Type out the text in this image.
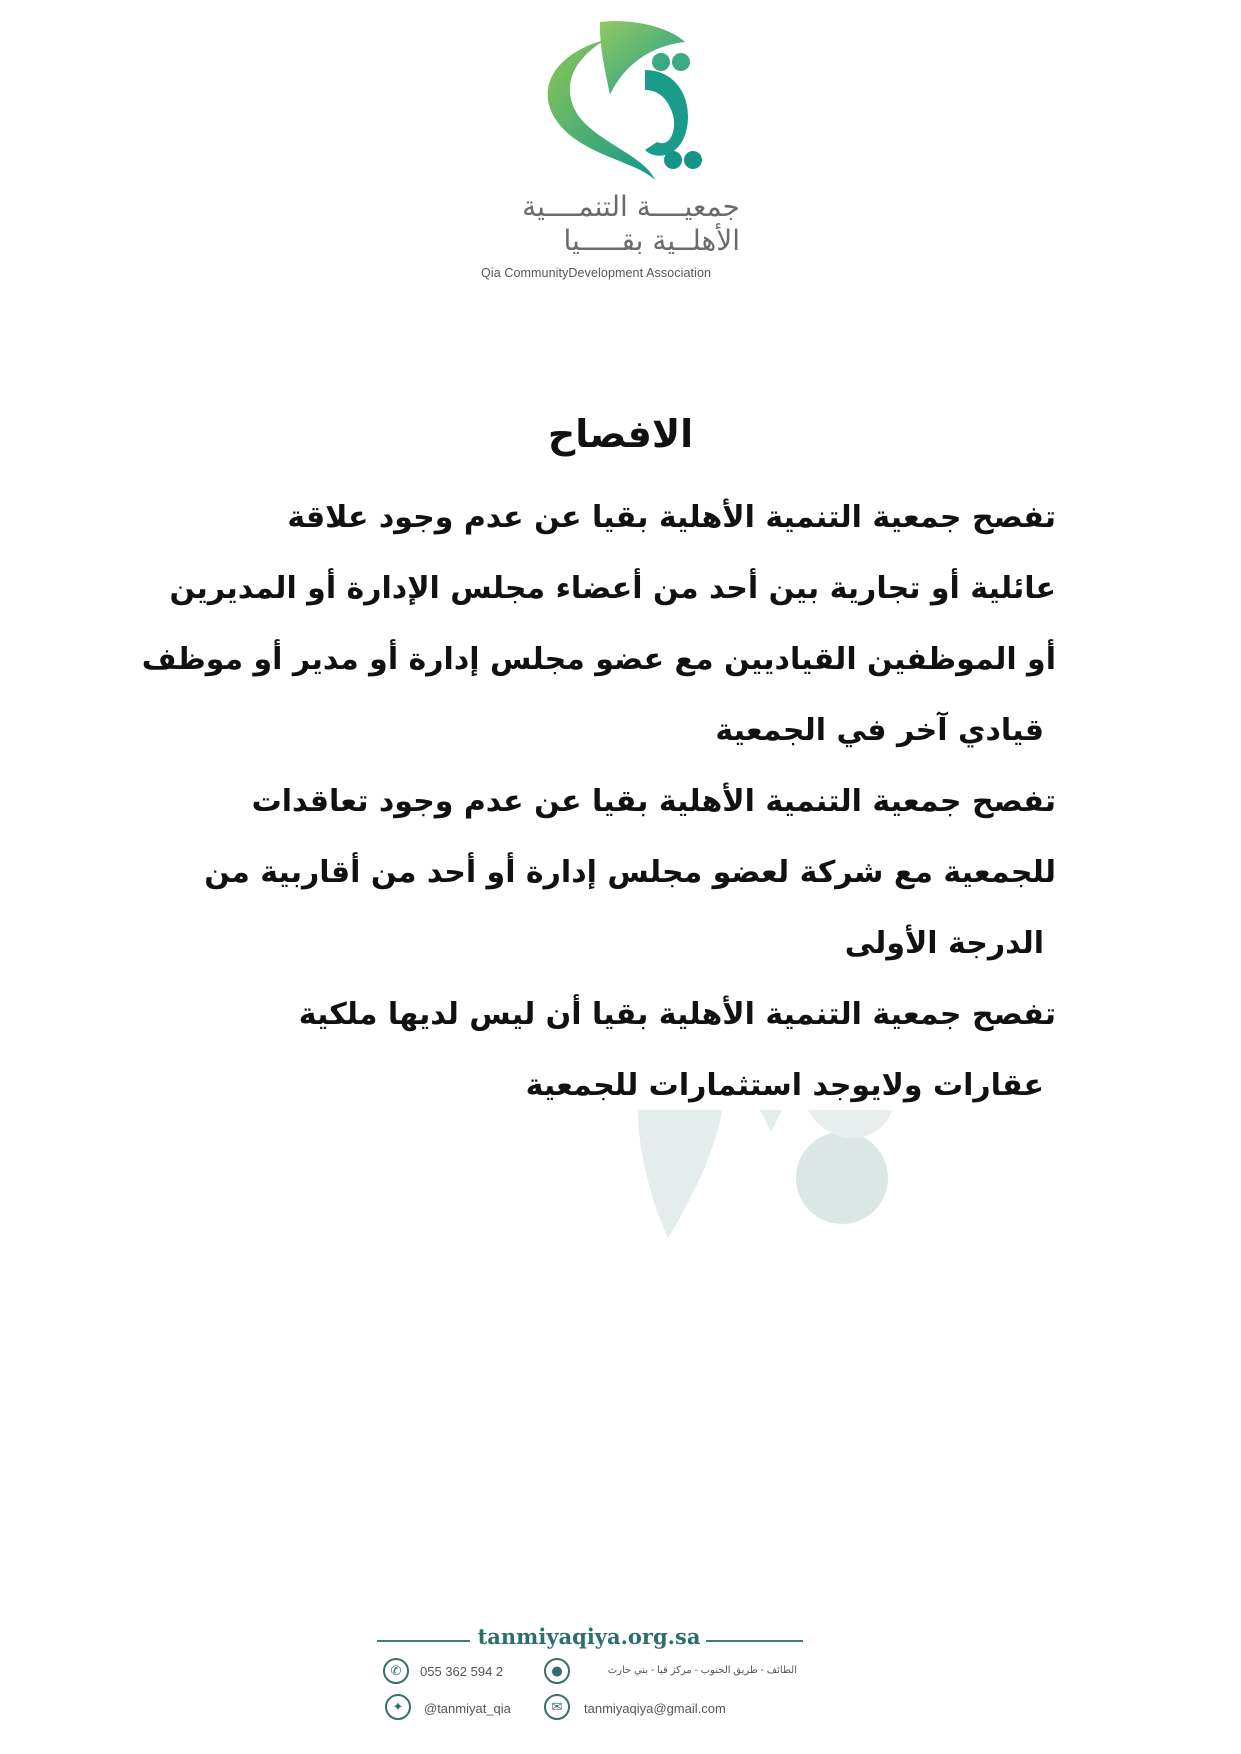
جمعيــــة التنمــــية
الأهلــية بقـــــيا
Qia CommunityDevelopment Association
الافصاح
تفصح جمعية التنمية الأهلية بقيا عن عدم وجود علاقة
عائلية أو تجارية بين أحد من أعضاء مجلس الإدارة أو المديرين
أو الموظفين القياديين مع عضو مجلس إدارة أو مدير أو موظف
قيادي آخر في الجمعية
تفصح جمعية التنمية الأهلية بقيا عن عدم وجود تعاقدات
للجمعية مع شركة لعضو مجلس إدارة أو أحد من أقاربية من
الدرجة الأولى
تفصح جمعية التنمية الأهلية بقيا أن ليس لديها ملكية
عقارات ولايوجد استثمارات للجمعية
tanmiyaqiya.org.sa
✆	055 362 594 2	●	الطائف - طريق الجنوب - مركز قيا - بني حارث
✦	@tanmiyat_qia	✉	tanmiyaqiya@gmail.com
